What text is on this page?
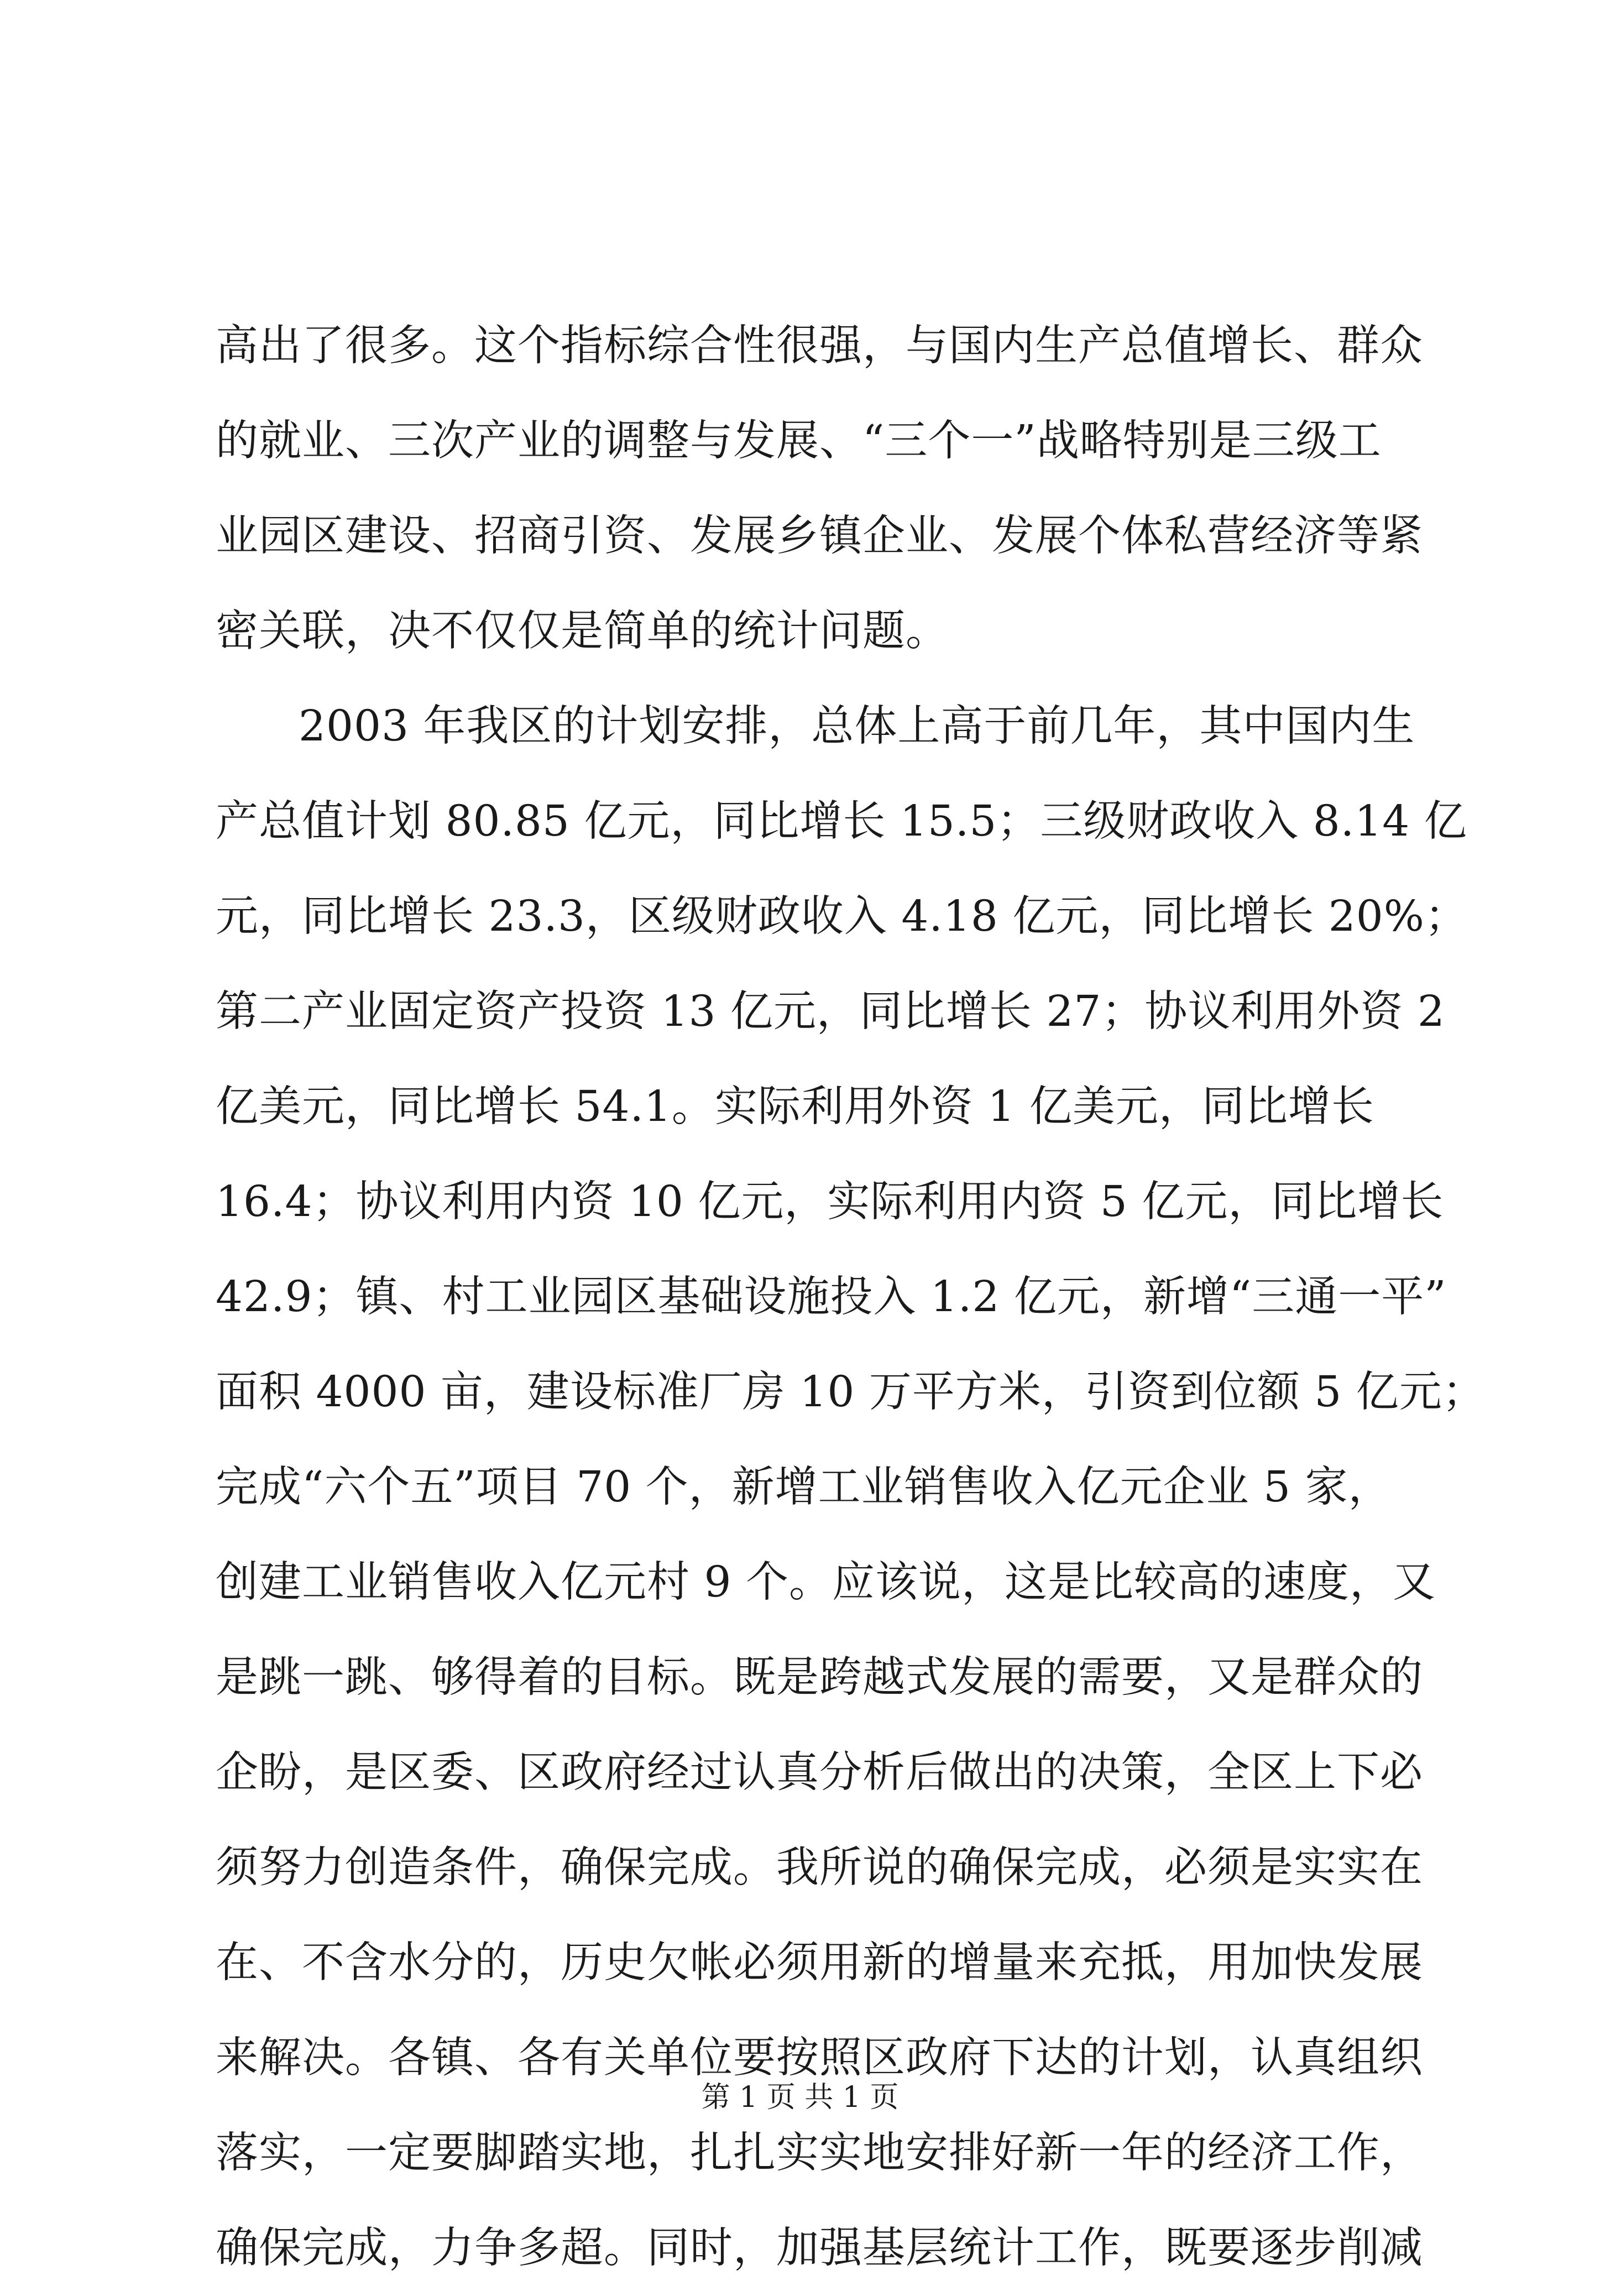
高出了很多。这个指标综合性很强，与国内生产总值增长、群众
的就业、三次产业的调整与发展、“三个一”战略特别是三级工
业园区建设、招商引资、发展乡镇企业、发展个体私营经济等紧
密关联，决不仅仅是简单的统计问题。
2003 年我区的计划安排，总体上高于前几年，其中国内生
产总值计划 80.85 亿元，同比增长 15.5；三级财政收入 8.14 亿
元，同比增长 23.3，区级财政收入 4.18 亿元，同比增长 20%；
第二产业固定资产投资 13 亿元，同比增长 27；协议利用外资 2
亿美元，同比增长 54.1。实际利用外资 1 亿美元，同比增长
16.4；协议利用内资 10 亿元，实际利用内资 5 亿元，同比增长
42.9；镇、村工业园区基础设施投入 1.2 亿元，新增“三通一平”
面积 4000 亩，建设标准厂房 10 万平方米，引资到位额 5 亿元；
完成“六个五”项目 70 个，新增工业销售收入亿元企业 5 家，
创建工业销售收入亿元村 9 个。应该说，这是比较高的速度，又
是跳一跳、够得着的目标。既是跨越式发展的需要，又是群众的
企盼，是区委、区政府经过认真分析后做出的决策，全区上下必
须努力创造条件，确保完成。我所说的确保完成，必须是实实在
在、不含水分的，历史欠帐必须用新的增量来充抵，用加快发展
来解决。各镇、各有关单位要按照区政府下达的计划，认真组织
落实，一定要脚踏实地，扎扎实实地安排好新一年的经济工作，
确保完成，力争多超。同时，加强基层统计工作，既要逐步削减
第 1 页 共 1 页
